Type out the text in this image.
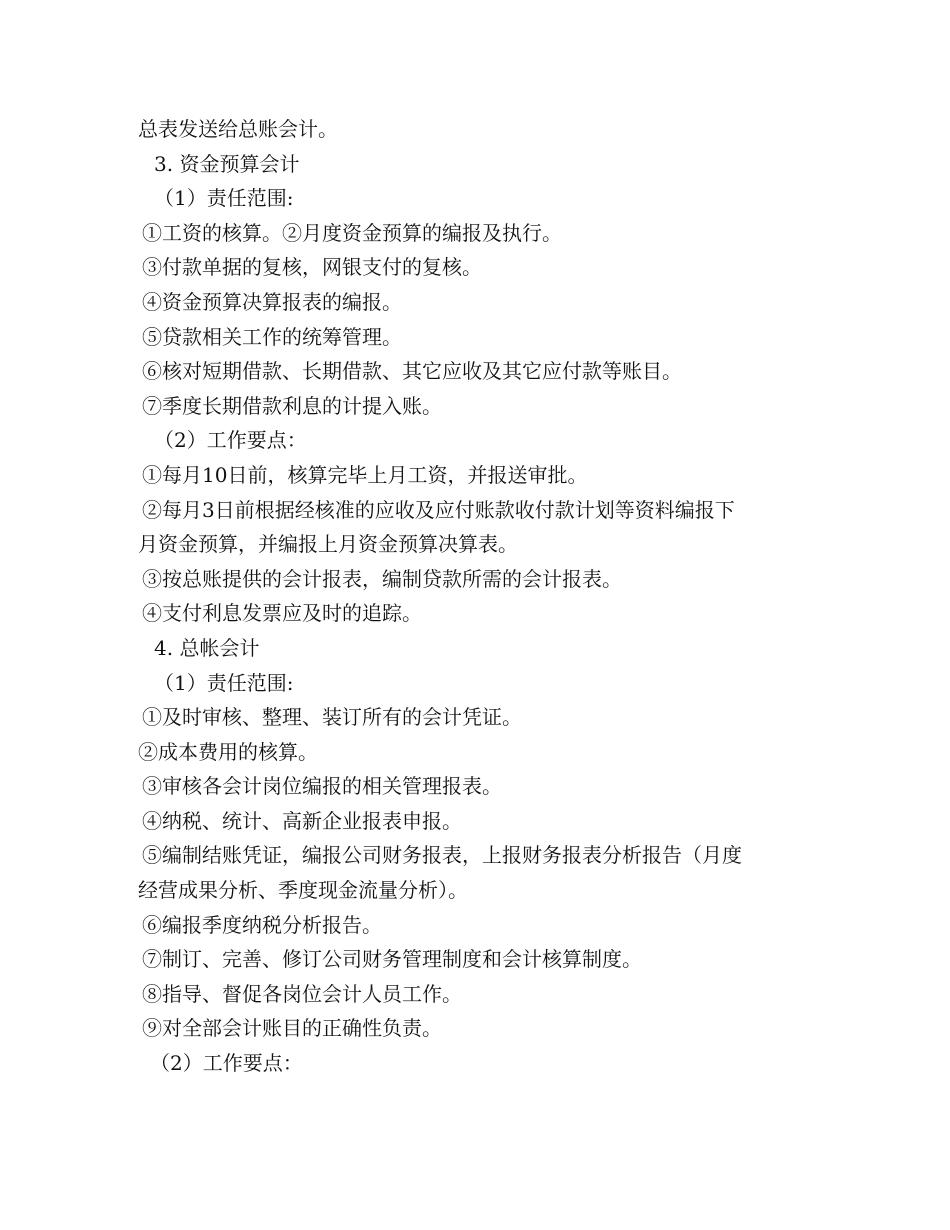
总表发送给总账会计。
3. 资金预算会计
（1）责任范围:
①工资的核算。②月度资金预算的编报及执行。
③付款单据的复核，网银支付的复核。
④资金预算决算报表的编报。
⑤贷款相关工作的统筹管理。
⑥核对短期借款、长期借款、其它应收及其它应付款等账目。
⑦季度长期借款利息的计提入账。
（2）工作要点：
①每月10日前，核算完毕上月工资，并报送审批。
②每月3日前根据经核准的应收及应付账款收付款计划等资料编报下
月资金预算，并编报上月资金预算决算表。
③按总账提供的会计报表，编制贷款所需的会计报表。
④支付利息发票应及时的追踪。
4. 总帐会计
（1）责任范围:
①及时审核、整理、装订所有的会计凭证。
②成本费用的核算。
③审核各会计岗位编报的相关管理报表。
④纳税、统计、高新企业报表申报。
⑤编制结账凭证，编报公司财务报表，上报财务报表分析报告（月度
经营成果分析、季度现金流量分析）。
⑥编报季度纳税分析报告。
⑦制订、完善、修订公司财务管理制度和会计核算制度。
⑧指导、督促各岗位会计人员工作。
⑨对全部会计账目的正确性负责。
（2）工作要点：
